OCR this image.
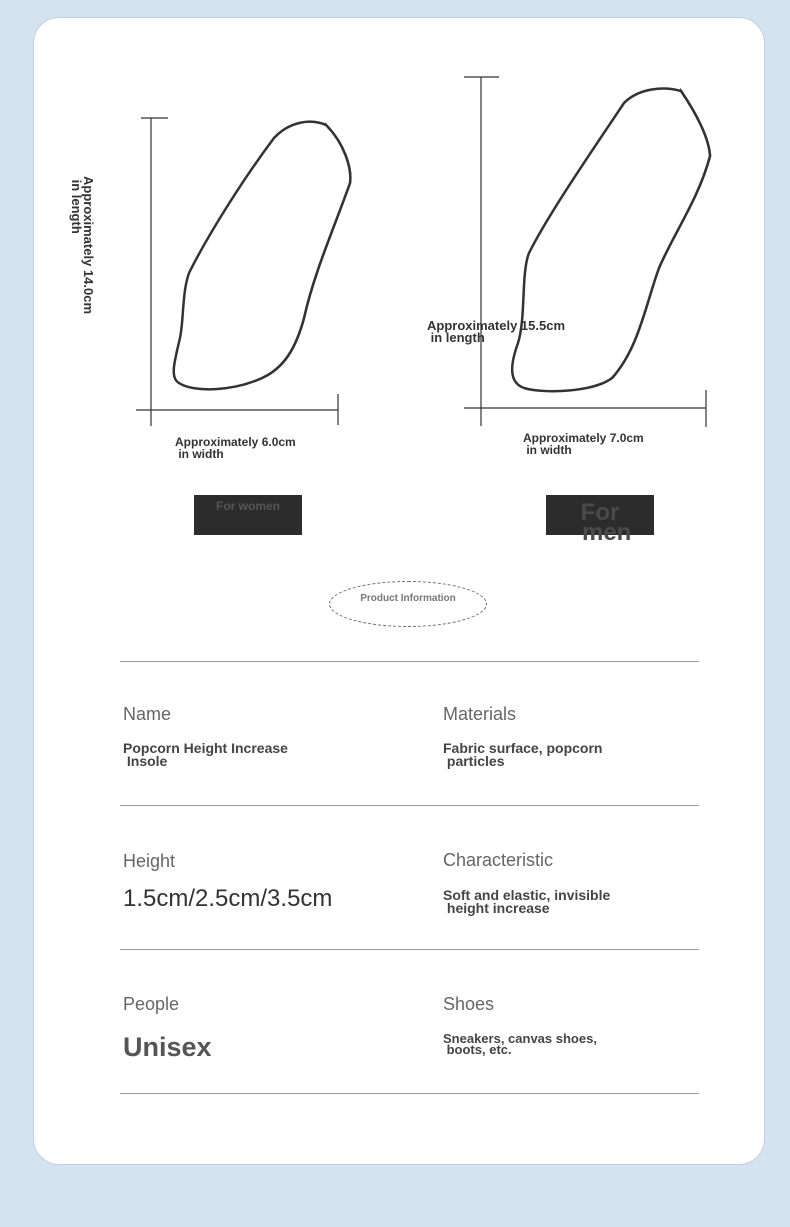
Approximately 14.0cm
in length
Approximately 6.0cm
in width
Approximately 15.5cm
in length
Approximately 7.0cm
in width
For women	For
men
Product Information
Name
Popcorn Height Increase
Insole
Materials
Fabric surface, popcorn
particles
Height
1.5cm/2.5cm/3.5cm
Characteristic
Soft and elastic, invisible
height increase
People
Unisex
Shoes
Sneakers, canvas shoes,
boots, etc.
